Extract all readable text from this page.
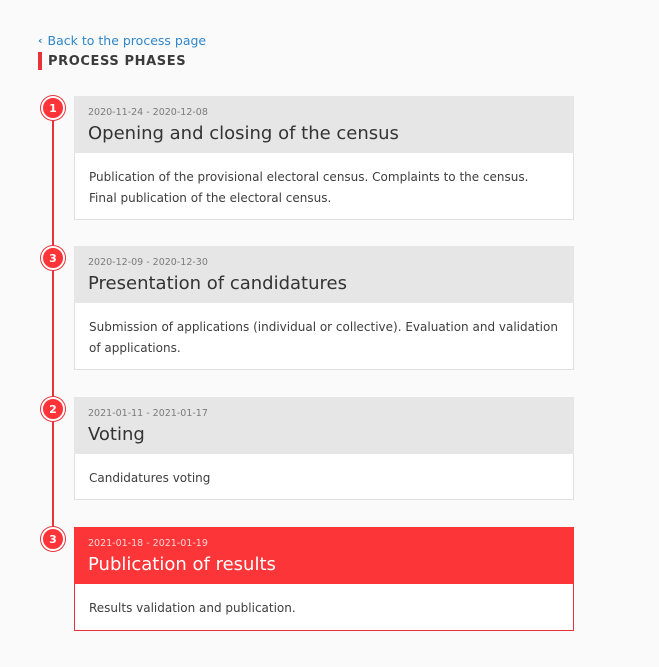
‹ Back to the process page
PROCESS PHASES
1	2020-11-24 - 2020-12-08
Opening and closing of the census
Publication of the provisional electoral census. Complaints to the census. Final publication of the electoral census.
3	2020-12-09 - 2020-12-30
Presentation of candidatures
Submission of applications (individual or collective). Evaluation and validation of applications.
2	2021-01-11 - 2021-01-17
Voting
Candidatures voting
3	2021-01-18 - 2021-01-19
Publication of results
Results validation and publication.
